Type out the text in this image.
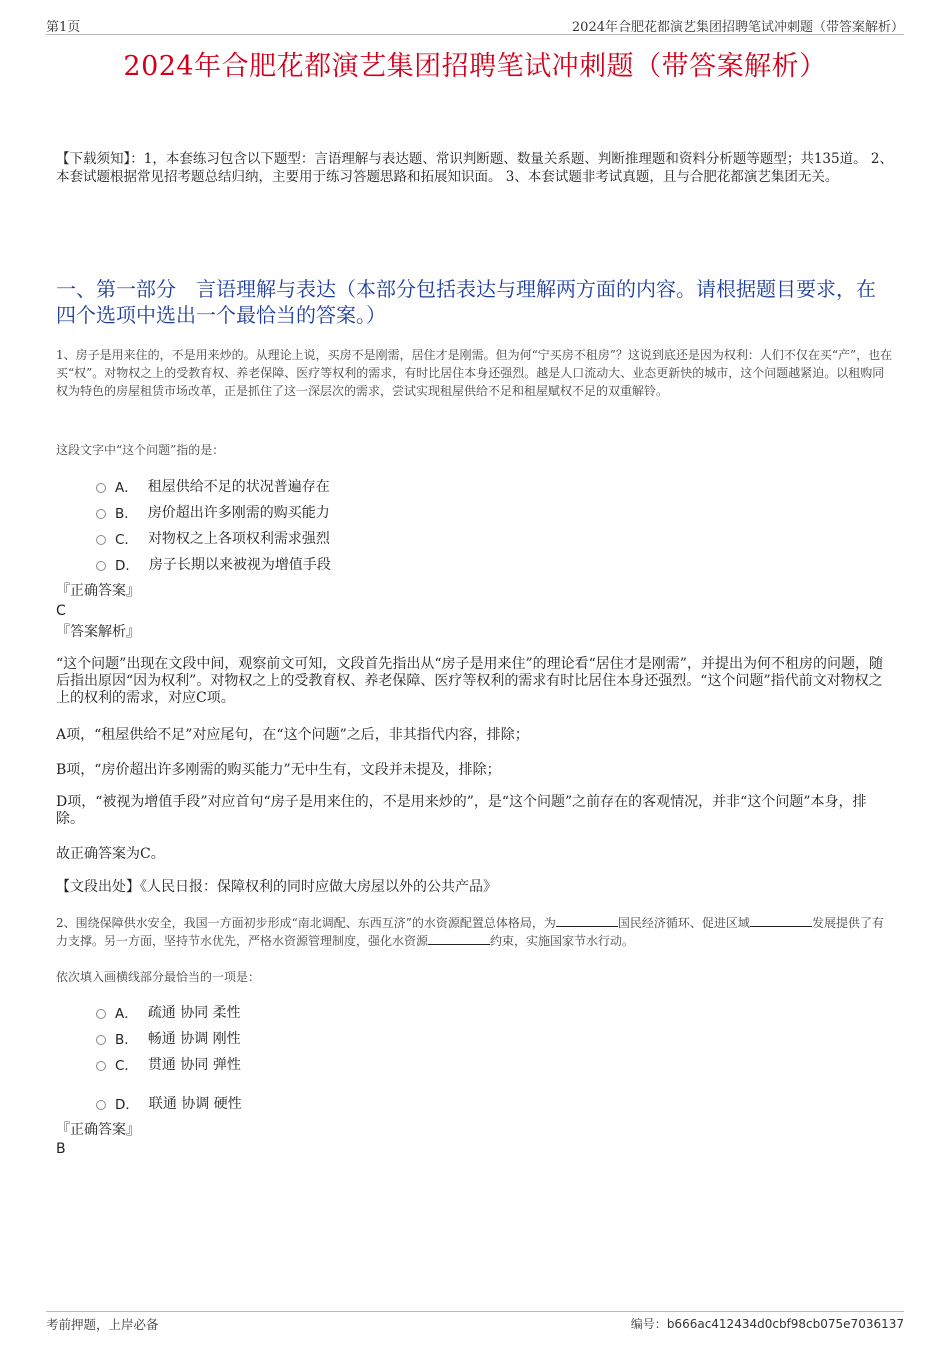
第1页	2024年合肥花都演艺集团招聘笔试冲刺题（带答案解析）
2024年合肥花都演艺集团招聘笔试冲刺题（带答案解析）
【下载须知】：1，本套练习包含以下题型：言语理解与表达题、常识判断题、数量关系题、判断推理题和资料分析题等题型；共135道。 2、本套试题根据常见招考题总结归纳，主要用于练习答题思路和拓展知识面。 3、本套试题非考试真题，且与合肥花都演艺集团无关。
一、第一部分　言语理解与表达（本部分包括表达与理解两方面的内容。请根据题目要求，在四个选项中选出一个最恰当的答案。）
1、房子是用来住的，不是用来炒的。从理论上说，买房不是刚需，居住才是刚需。但为何“宁买房不租房”？这说到底还是因为权利：人们不仅在买“产”，也在买“权”。对物权之上的受教育权、养老保障、医疗等权利的需求，有时比居住本身还强烈。越是人口流动大、业态更新快的城市，这个问题越紧迫。以租购同权为特色的房屋租赁市场改革，正是抓住了这一深层次的需求，尝试实现租屋供给不足和租屋赋权不足的双重解铃。
这段文字中“这个问题”指的是：
A． 租屋供给不足的状况普遍存在
B． 房价超出许多刚需的购买能力
C． 对物权之上各项权利需求强烈
D． 房子长期以来被视为增值手段
『正确答案』
C
『答案解析』
“这个问题”出现在文段中间，观察前文可知，文段首先指出从“房子是用来住”的理论看“居住才是刚需”，并提出为何不租房的问题，随后指出原因“因为权利”。对物权之上的受教育权、养老保障、医疗等权利的需求有时比居住本身还强烈。“这个问题”指代前文对物权之上的权利的需求，对应C项。
A项，“租屋供给不足”对应尾句，在“这个问题”之后，非其指代内容，排除；
B项，“房价超出许多刚需的购买能力”无中生有，文段并未提及，排除；
D项，“被视为增值手段”对应首句“房子是用来住的，不是用来炒的”，是“这个问题”之前存在的客观情况，并非“这个问题”本身，排除。
故正确答案为C。
【文段出处】《人民日报：保障权利的同时应做大房屋以外的公共产品》
2、围绕保障供水安全，我国一方面初步形成“南北调配、东西互济”的水资源配置总体格局，为	国民经济循环、促进区域	发展提供了有力支撑。另一方面，坚持节水优先，严格水资源管理制度，强化水资源	约束，实施国家节水行动。
依次填入画横线部分最恰当的一项是：
A． 疏通 协同 柔性
B． 畅通 协调 刚性
C． 贯通 协同 弹性
D． 联通 协调 硬性
『正确答案』
B
考前押题，上岸必备	编号：b666ac412434d0cbf98cb075e7036137
